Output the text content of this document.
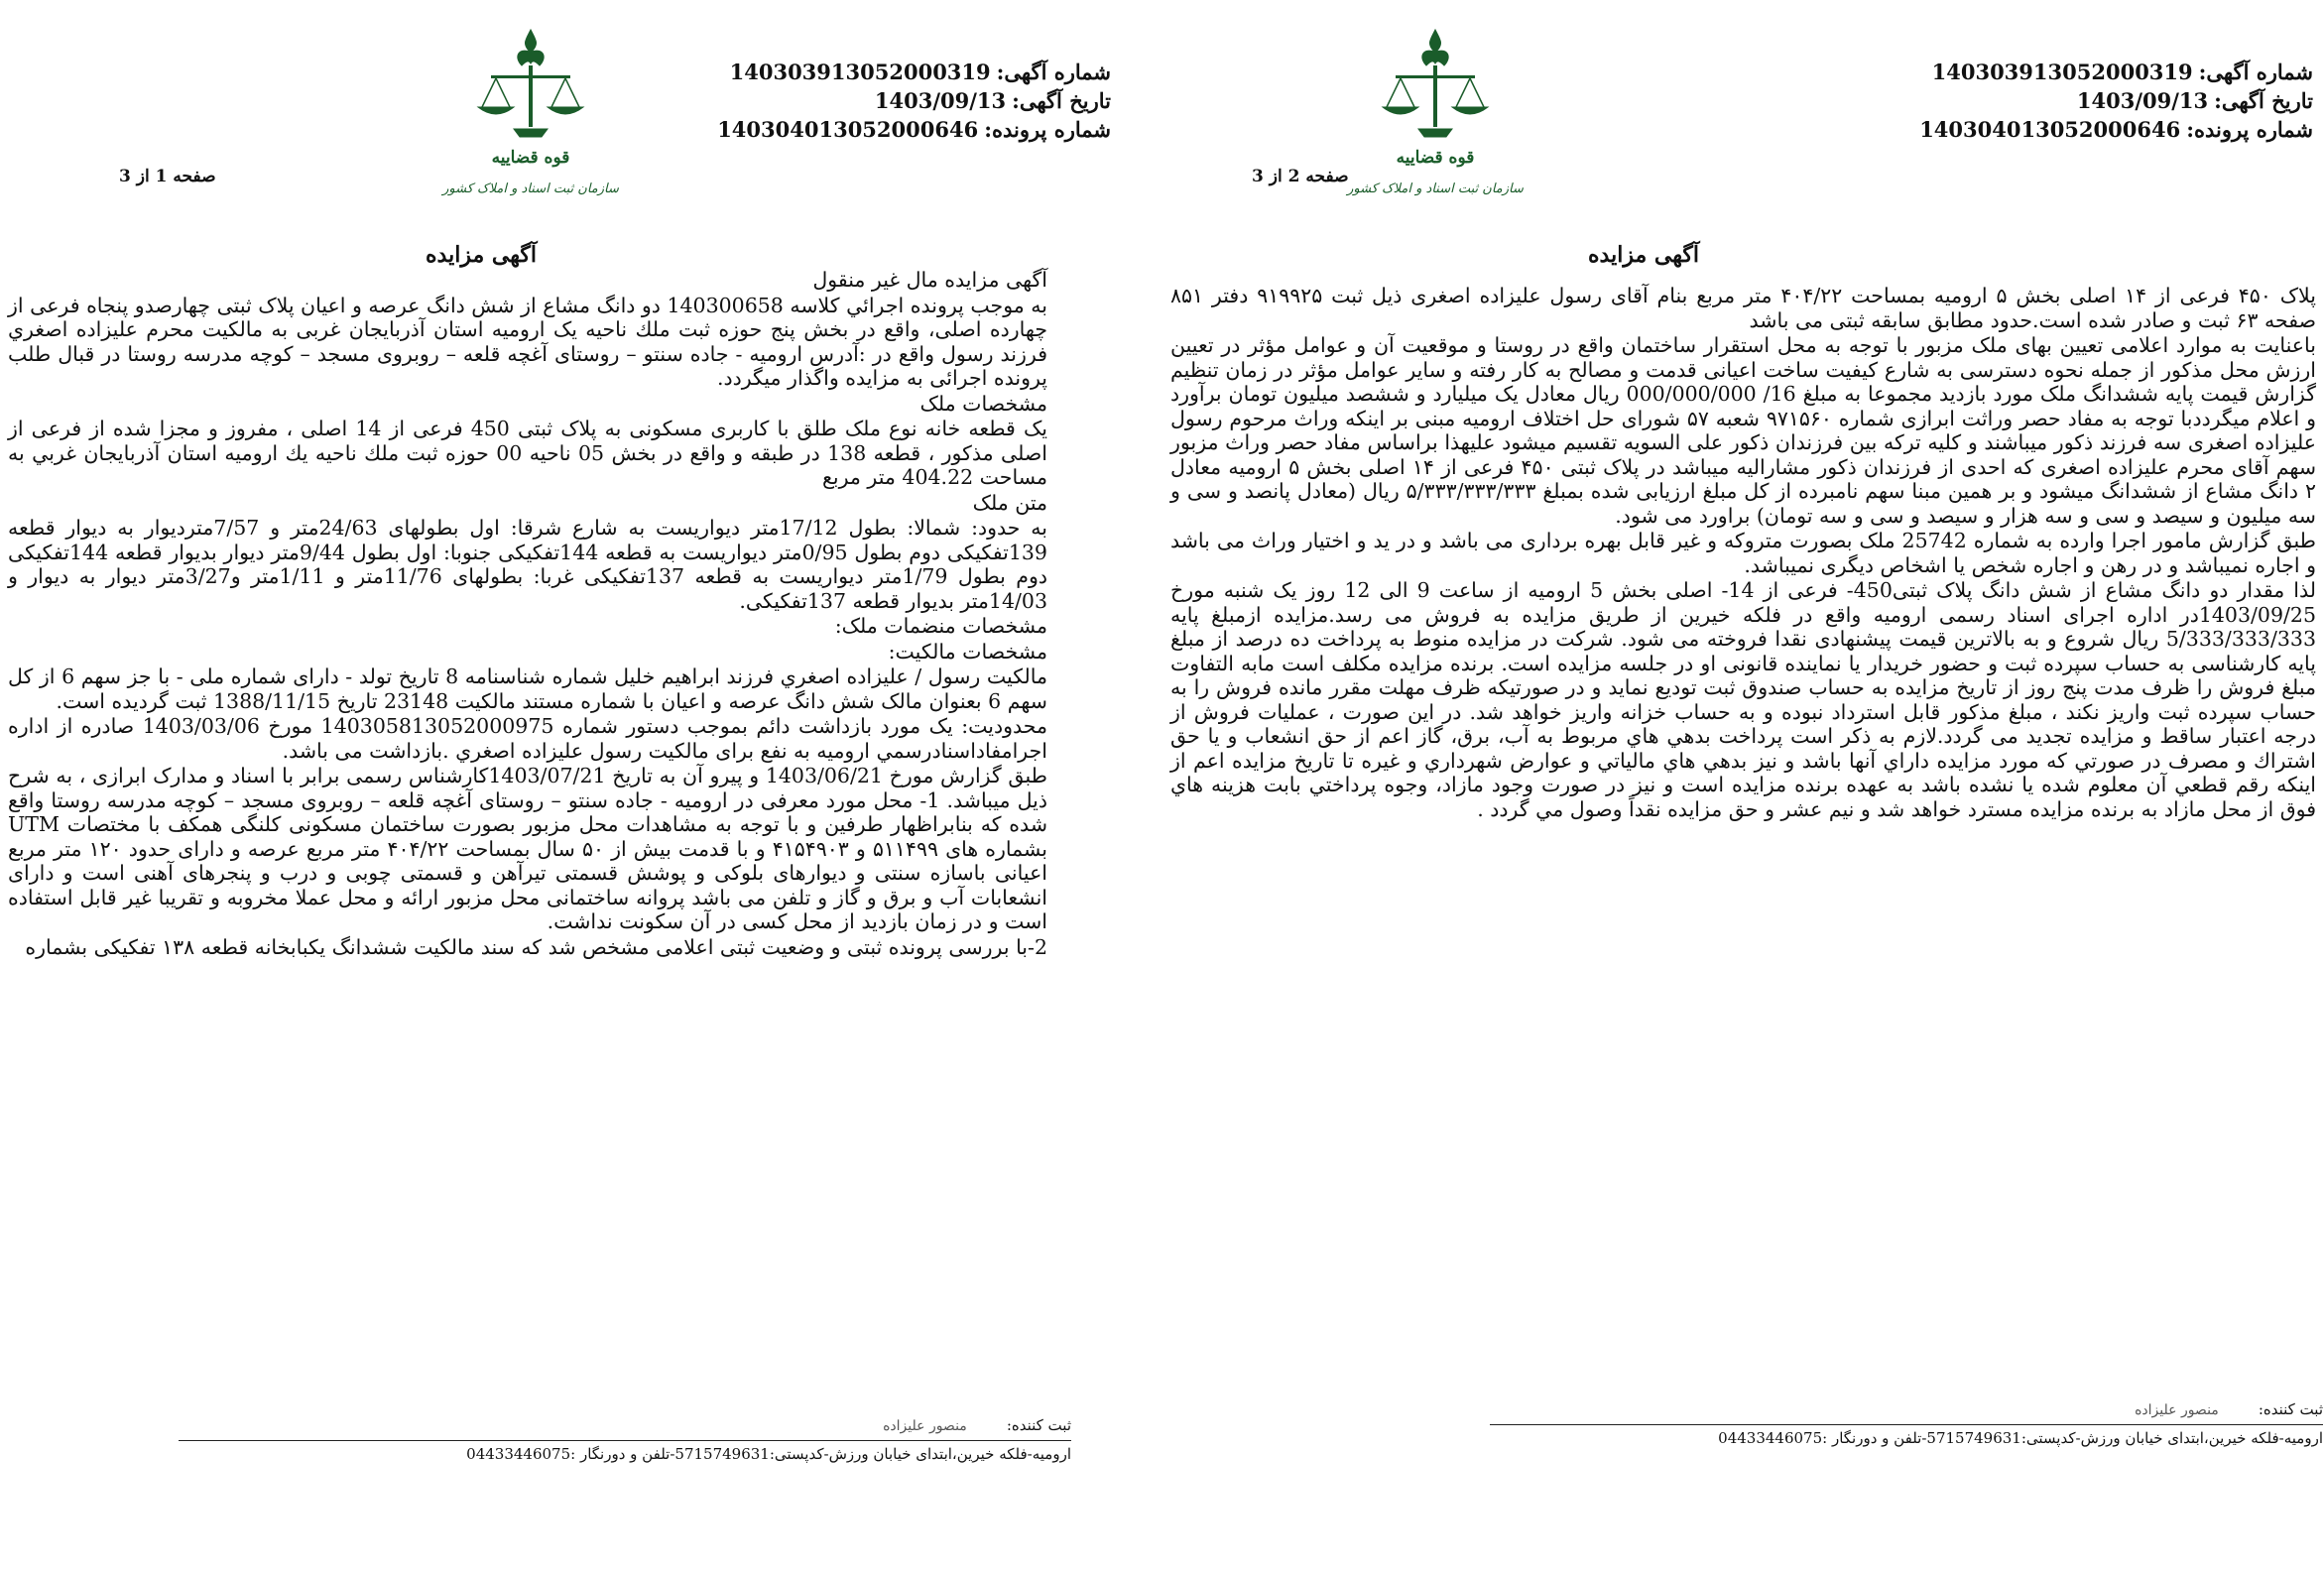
شماره آگهی:140303913052000319
تاریخ آگهی:1403/09/13
شماره پرونده:140304013052000646
قوه قضاییه
سازمان ثبت اسناد و املاک کشور
صفحه 1 از 3
آگهی مزایده

آگهی مزایده مال غیر منقول

به موجب پرونده اجرائي كلاسه 140300658 دو دانگ مشاع از شش دانگ عرصه و اعیان پلاک ثبتی چهارصدو پنجاه فرعی از چهارده اصلی، واقع در بخش پنج حوزه ثبت ملك ناحیه یک ارومیه استان آذربایجان غربی به مالکیت محرم علیزاده اصغري فرزند رسول واقع در :آدرس ارومیه - جاده سنتو – روستای آغچه قلعه – روبروی مسجد – کوچه مدرسه روستا در قبال طلب پرونده اجرائی به مزایده واگذار میگردد.

مشخصات ملک

یک قطعه خانه نوع ملک طلق با کاربری مسکونی به پلاک ثبتی 450 فرعی از 14 اصلی ، مفروز و مجزا شده از فرعی از اصلی مذکور ، قطعه 138 در طبقه و واقع در بخش 05 ناحیه 00 حوزه ثبت ملك ناحیه یك ارومیه استان آذربایجان غربي به مساحت 404.22 متر مربع

متن ملک

به حدود: شمالا: بطول 17/12متر دیواریست به شارع شرقا: اول بطولهای 24/63متر و 7/57متردیوار به دیوار قطعه 139تفکیکی دوم بطول 0/95متر دیواریست به قطعه 144تفکیکی جنوبا: اول بطول 9/44متر دیوار بدیوار قطعه 144تفکیکی دوم بطول 1/79متر دیواریست به قطعه 137تفکیکی غربا: بطولهای 11/76متر و 1/11متر و3/27متر دیوار به دیوار و 14/03متر بدیوار قطعه 137تفکیکی.

مشخصات منضمات ملک:

مشخصات مالکیت:

مالکیت رسول / علیزاده اصغري فرزند ابراهیم خلیل شماره شناسنامه 8 تاریخ تولد - دارای شماره ملی - با جز سهم 6 از کل سهم 6 بعنوان مالک شش دانگ عرصه و اعیان با شماره مستند مالکیت 23148 تاریخ 1388/11/15 ثبت گردیده است.

محدودیت: یک مورد بازداشت دائم بموجب دستور شماره 140305813052000975 مورخ 1403/03/06 صادره از اداره اجرامفاداسنادرسمي اروميه به نفع برای مالکیت رسول علیزاده اصغري .بازداشت می باشد.

طبق گزارش مورخ 1403/06/21 و پیرو آن به تاریخ 1403/07/21کارشناس رسمی برابر با اسناد و مدارک ابرازی ، به شرح ذیل میباشد. 1- محل مورد معرفی در ارومیه - جاده سنتو – روستای آغچه قلعه – روبروی مسجد – کوچه مدرسه روستا واقع شده که بنابراظهار طرفین و با توجه به مشاهدات محل مزبور بصورت ساختمان مسکونی کلنگی همکف با مختصات UTM بشماره های ۵۱۱۴۹۹ و ۴۱۵۴۹۰۳ و با قدمت بیش از ۵۰ سال بمساحت ۴۰۴/۲۲ متر مربع عرصه و دارای حدود ۱۲۰ متر مربع اعیانی باسازه سنتی و دیوارهای بلوکی و پوشش قسمتی تیرآهن و قسمتی چوبی و درب و پنجرهای آهنی است و دارای انشعابات آب و برق و گاز و تلفن می باشد پروانه ساختمانی محل مزبور ارائه و محل عملا مخروبه و تقریبا غیر قابل استفاده است و در زمان بازدید از محل کسی در آن سکونت نداشت.

2-با بررسی پرونده ثبتی و وضعیت ثبتی اعلامی مشخص شد که سند مالکیت ششدانگ یکبابخانه قطعه ۱۳۸ تفکیکی بشماره

ثبت کننده:منصور علیزاده
ارومیه-فلکه خیرین،ابتدای خیابان ورزش-کدپستی:5715749631-تلفن و دورنگار :04433446075
شماره آگهی:140303913052000319
تاریخ آگهی:1403/09/13
شماره پرونده:140304013052000646
قوه قضاییه
سازمان ثبت اسناد و املاک کشور
صفحه 2 از 3
آگهی مزایده

پلاک ۴۵۰ فرعی از ۱۴ اصلی بخش ۵ ارومیه بمساحت ۴۰۴/۲۲ متر مربع بنام آقای رسول علیزاده اصغری ذیل ثبت ۹۱۹۹۲۵ دفتر ۸۵۱ صفحه ۶۳ ثبت و صادر شده است.حدود مطابق سابقه ثبتی می باشد

باعنایت به موارد اعلامی تعیین بهای ملک مزبور با توجه به محل استقرار ساختمان واقع در روستا و موقعیت آن و عوامل مؤثر در تعیین ارزش محل مذکور از جمله نحوه دسترسی به شارع کیفیت ساخت اعیانی قدمت و مصالح به کار رفته و سایر عوامل مؤثر در زمان تنظیم گزارش قیمت پایه ششدانگ ملک مورد بازدید مجموعا به مبلغ 16/ 000/000/000 ریال معادل یک میلیارد و ششصد میلیون تومان برآورد و اعلام میگرددبا توجه به مفاد حصر وراثت ابرازی شماره ۹۷۱۵۶۰ شعبه ۵۷ شورای حل اختلاف ارومیه مبنی بر اینکه وراث مرحوم رسول علیزاده اصغری سه فرزند ذکور میباشند و کلیه ترکه بین فرزندان ذکور علی السویه تقسیم میشود علیهذا براساس مفاد حصر وراث مزبور سهم آقای محرم علیزاده اصغری که احدی از فرزندان ذکور مشارالیه میباشد در پلاک ثبتی ۴۵۰ فرعی از ۱۴ اصلی بخش ۵ ارومیه معادل ۲ دانگ مشاع از ششدانگ میشود و بر همین مبنا سهم نامبرده از کل مبلغ ارزیابی شده بمبلغ ۵/۳۳۳/۳۳۳/۳۳۳ ریال (معادل پانصد و سی و سه میلیون و سیصد و سی و سه هزار و سیصد و سی و سه تومان) براورد می شود.

طبق گزارش مامور اجرا وارده به شماره 25742 ملک بصورت متروکه و غیر قابل بهره برداری می باشد و در ید و اختیار وراث می باشد و اجاره نمیباشد و در رهن و اجاره شخص یا اشخاص دیگری نمیباشد.

لذا مقدار دو دانگ مشاع از شش دانگ پلاک ثبتی450- فرعی از 14- اصلی بخش 5 ارومیه از ساعت 9 الی 12 روز یک شنبه مورخ 1403/09/25در اداره اجرای اسناد رسمی ارومیه واقع در فلکه خیرین از طریق مزایده به فروش می رسد.مزایده ازمبلغ پایه 5/333/333/333 ریال شروع و به بالاترین قیمت پیشنهادی نقدا فروخته می شود. شرکت در مزایده منوط به پرداخت ده درصد از مبلغ پایه کارشناسی به حساب سپرده ثبت و حضور خریدار یا نماینده قانونی او در جلسه مزایده است. برنده مزایده مکلف است مابه التفاوت مبلغ فروش را ظرف مدت پنج روز از تاریخ مزایده به حساب صندوق ثبت تودیع نماید و در صورتیکه ظرف مهلت مقرر مانده فروش را به حساب سپرده ثبت واریز نکند ، مبلغ مذکور قابل استرداد نبوده و به حساب خزانه واریز خواهد شد. در این صورت ، عملیات فروش از درجه اعتبار ساقط و مزایده تجدید می گردد.لازم به ذکر است پرداخت بدهي هاي مربوط به آب، برق، گاز اعم از حق انشعاب و یا حق اشتراك و مصرف در صورتي كه مورد مزايده داراي آنها باشد و نيز بدهي هاي مالياتي و عوارض شهرداري و غيره تا تاريخ مزايده اعم از اينكه رقم قطعي آن معلوم شده يا نشده باشد به عهده برنده مزايده است و نيز در صورت وجود مازاد، وجوه پرداختي بابت هزينه هاي فوق از محل مازاد به برنده مزايده مسترد خواهد شد و نيم عشر و حق مزايده نقداً وصول مي گردد .

ثبت کننده:منصور علیزاده
ارومیه-فلکه خیرین،ابتدای خیابان ورزش-کدپستی:5715749631-تلفن و دورنگار :04433446075
